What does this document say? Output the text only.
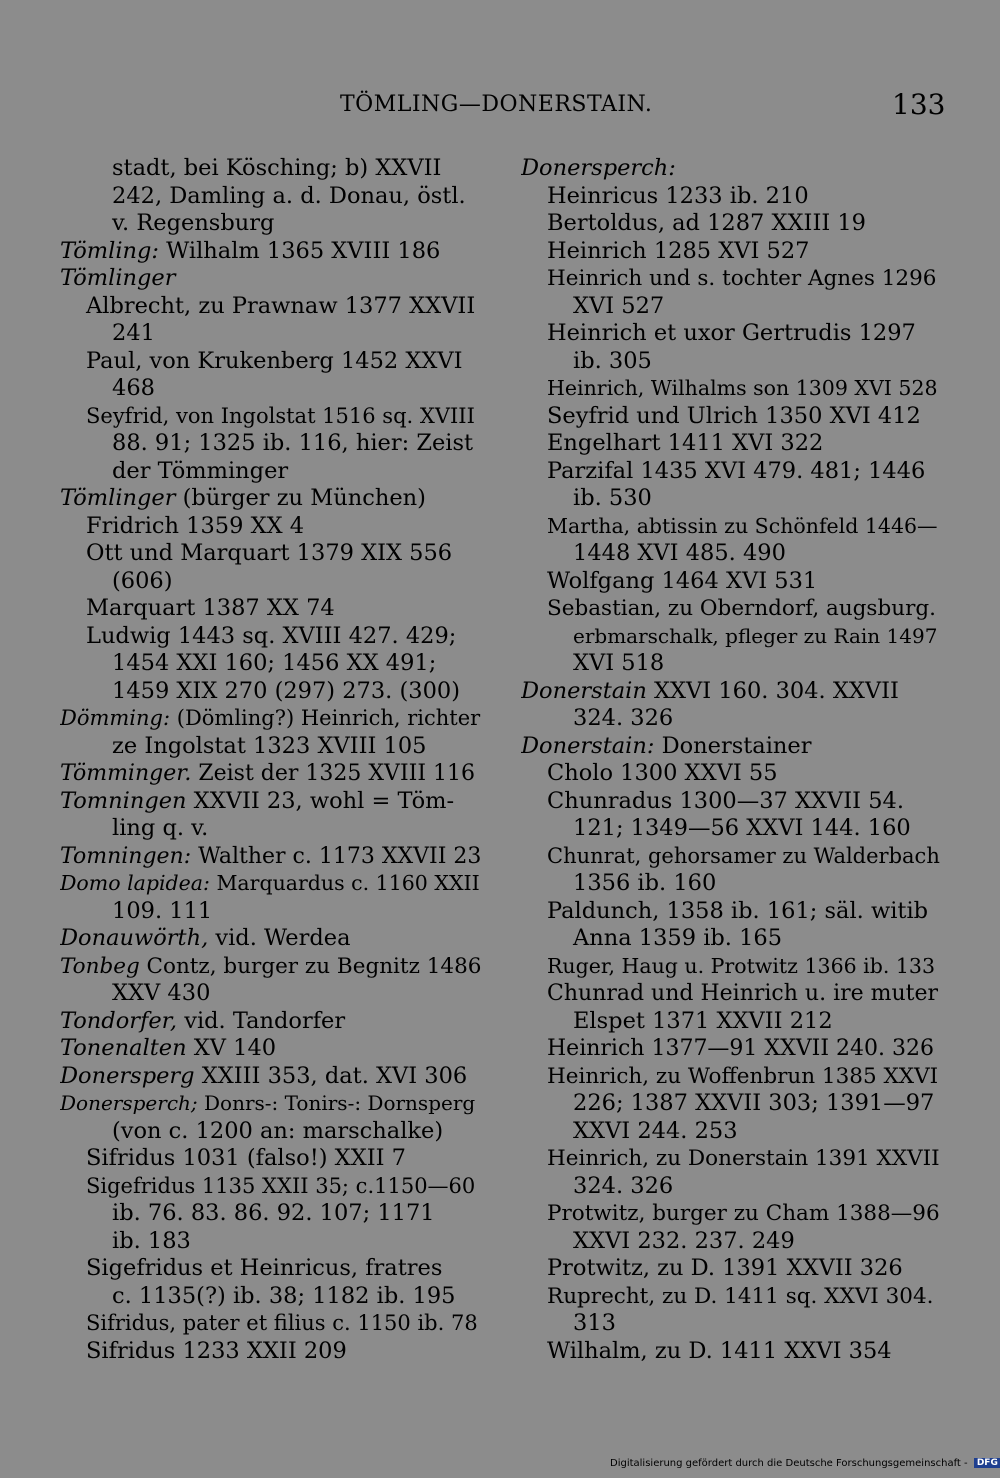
TÖMLING—DONERSTAIN.	133
stadt, bei Kösching; b) XXVII
242, Damling a. d. Donau, östl.
v. Regensburg
Tömling: Wilhalm 1365 XVIII 186
Tömlinger
Albrecht, zu Prawnaw 1377 XXVII
241
Paul, von Krukenberg 1452 XXVI
468
Seyfrid, von Ingolstat 1516 sq. XVIII
88. 91; 1325 ib. 116, hier: Zeist
der Tömminger
Tömlinger (bürger zu München)
Fridrich 1359 XX 4
Ott und Marquart 1379 XIX 556
(606)
Marquart 1387 XX 74
Ludwig 1443 sq. XVIII 427. 429;
1454 XXI 160; 1456 XX 491;
1459 XIX 270 (297) 273. (300)
Dömming: (Dömling?) Heinrich, richter
ze Ingolstat 1323 XVIII 105
Tömminger. Zeist der 1325 XVIII 116
Tomningen XXVII 23, wohl = Töm-
ling q. v.
Tomningen: Walther c. 1173 XXVII 23
Domo lapidea: Marquardus c. 1160 XXII
109. 111
Donauwörth, vid. Werdea
Tonbeg Contz, burger zu Begnitz 1486
XXV 430
Tondorfer, vid. Tandorfer
Tonenalten XV 140
Donersperg XXIII 353, dat. XVI 306
Donersperch; Donrs-: Tonirs-: Dornsperg
(von c. 1200 an: marschalke)
Sifridus 1031 (falso!) XXII 7
Sigefridus 1135 XXII 35; c.1150—60
ib. 76. 83. 86. 92. 107; 1171
ib. 183
Sigefridus et Heinricus, fratres
c. 1135(?) ib. 38; 1182 ib. 195
Sifridus, pater et filius c. 1150 ib. 78
Sifridus 1233 XXII 209
Donersperch:
Heinricus 1233 ib. 210
Bertoldus, ad 1287 XXIII 19
Heinrich 1285 XVI 527
Heinrich und s. tochter Agnes 1296
XVI 527
Heinrich et uxor Gertrudis 1297
ib. 305
Heinrich, Wilhalms son 1309 XVI 528
Seyfrid und Ulrich 1350 XVI 412
Engelhart 1411 XVI 322
Parzifal 1435 XVI 479. 481; 1446
ib. 530
Martha, abtissin zu Schönfeld 1446—
1448 XVI 485. 490
Wolfgang 1464 XVI 531
Sebastian, zu Oberndorf, augsburg.
erbmarschalk, pfleger zu Rain 1497
XVI 518
Donerstain XXVI 160. 304. XXVII
324. 326
Donerstain: Donerstainer
Cholo 1300 XXVI 55
Chunradus 1300—37 XXVII 54.
121; 1349—56 XXVI 144. 160
Chunrat, gehorsamer zu Walderbach
1356 ib. 160
Paldunch, 1358 ib. 161; säl. witib
Anna 1359 ib. 165
Ruger, Haug u. Protwitz 1366 ib. 133
Chunrad und Heinrich u. ire muter
Elspet 1371 XXVII 212
Heinrich 1377—91 XXVII 240. 326
Heinrich, zu Woffenbrun 1385 XXVI
226; 1387 XXVII 303; 1391—97
XXVI 244. 253
Heinrich, zu Donerstain 1391 XXVII
324. 326
Protwitz, burger zu Cham 1388—96
XXVI 232. 237. 249
Protwitz, zu D. 1391 XXVII 326
Ruprecht, zu D. 1411 sq. XXVI 304.
313
Wilhalm, zu D. 1411 XXVI 354
Digitalisierung gefördert durch die Deutsche Forschungsgemeinschaft - DFG
